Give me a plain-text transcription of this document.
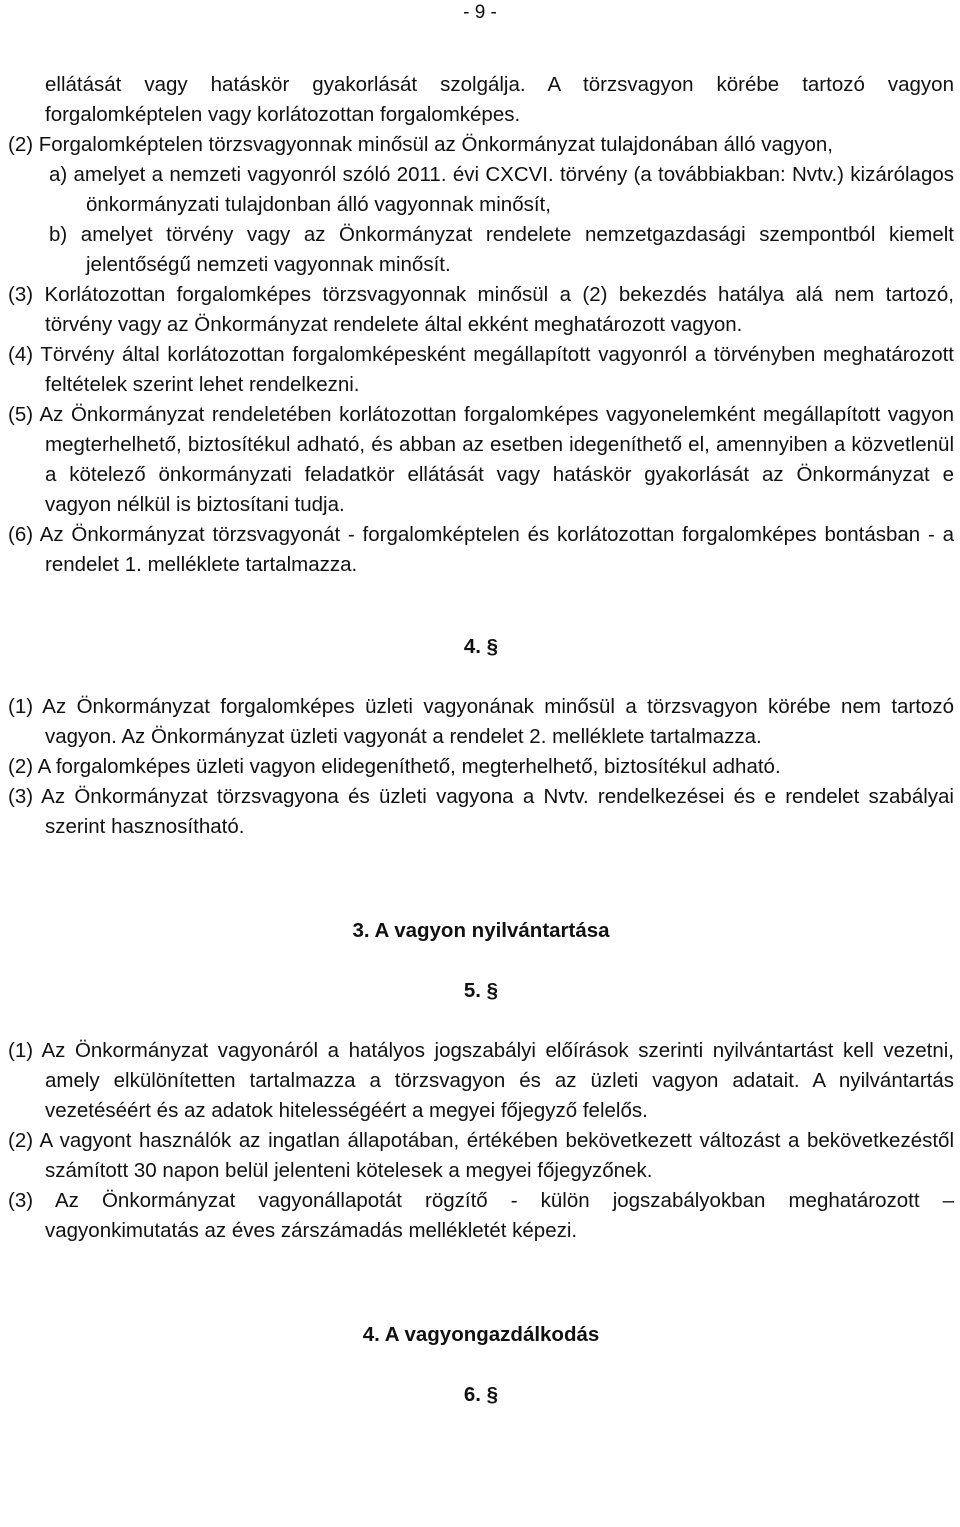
- 9 -
ellátását vagy hatáskör gyakorlását szolgálja. A törzsvagyon körébe tartozó vagyon forgalomképtelen vagy korlátozottan forgalomképes.
(2) Forgalomképtelen törzsvagyonnak minősül az Önkormányzat tulajdonában álló vagyon,
a) amelyet a nemzeti vagyonról szóló 2011. évi CXCVI. törvény (a továbbiakban: Nvtv.) kizárólagos önkormányzati tulajdonban álló vagyonnak minősít,
b) amelyet törvény vagy az Önkormányzat rendelete nemzetgazdasági szempontból kiemelt jelentőségű nemzeti vagyonnak minősít.
(3) Korlátozottan forgalomképes törzsvagyonnak minősül a (2) bekezdés hatálya alá nem tartozó, törvény vagy az Önkormányzat rendelete által ekként meghatározott vagyon.
(4) Törvény által korlátozottan forgalomképesként megállapított vagyonról a törvényben meghatározott feltételek szerint lehet rendelkezni.
(5) Az Önkormányzat rendeletében korlátozottan forgalomképes vagyonelemként megállapított vagyon megterhelhető, biztosítékul adható, és abban az esetben idegeníthető el, amennyiben a közvetlenül a kötelező önkormányzati feladatkör ellátását vagy hatáskör gyakorlását az Önkormányzat e vagyon nélkül is biztosítani tudja.
(6) Az Önkormányzat törzsvagyonát - forgalomképtelen és korlátozottan forgalomképes bontásban - a rendelet 1. melléklete tartalmazza.
4. §
(1) Az Önkormányzat forgalomképes üzleti vagyonának minősül a törzsvagyon körébe nem tartozó vagyon. Az Önkormányzat üzleti vagyonát a rendelet 2. melléklete tartalmazza.
(2) A forgalomképes üzleti vagyon elidegeníthető, megterhelhető, biztosítékul adható.
(3) Az Önkormányzat törzsvagyona és üzleti vagyona a Nvtv. rendelkezései és e rendelet szabályai szerint hasznosítható.
3. A vagyon nyilvántartása
5. §
(1) Az Önkormányzat vagyonáról a hatályos jogszabályi előírások szerinti nyilvántartást kell vezetni, amely elkülönítetten tartalmazza a törzsvagyon és az üzleti vagyon adatait. A nyilvántartás vezetéséért és az adatok hitelességéért a megyei főjegyző felelős.
(2) A vagyont használók az ingatlan állapotában, értékében bekövetkezett változást a bekövetkezéstől számított 30 napon belül jelenteni kötelesek a megyei főjegyzőnek.
(3) Az Önkormányzat vagyonállapotát rögzítő - külön jogszabályokban meghatározott – vagyonkimutatás az éves zárszámadás mellékletét képezi.
4. A vagyongazdálkodás
6. §
